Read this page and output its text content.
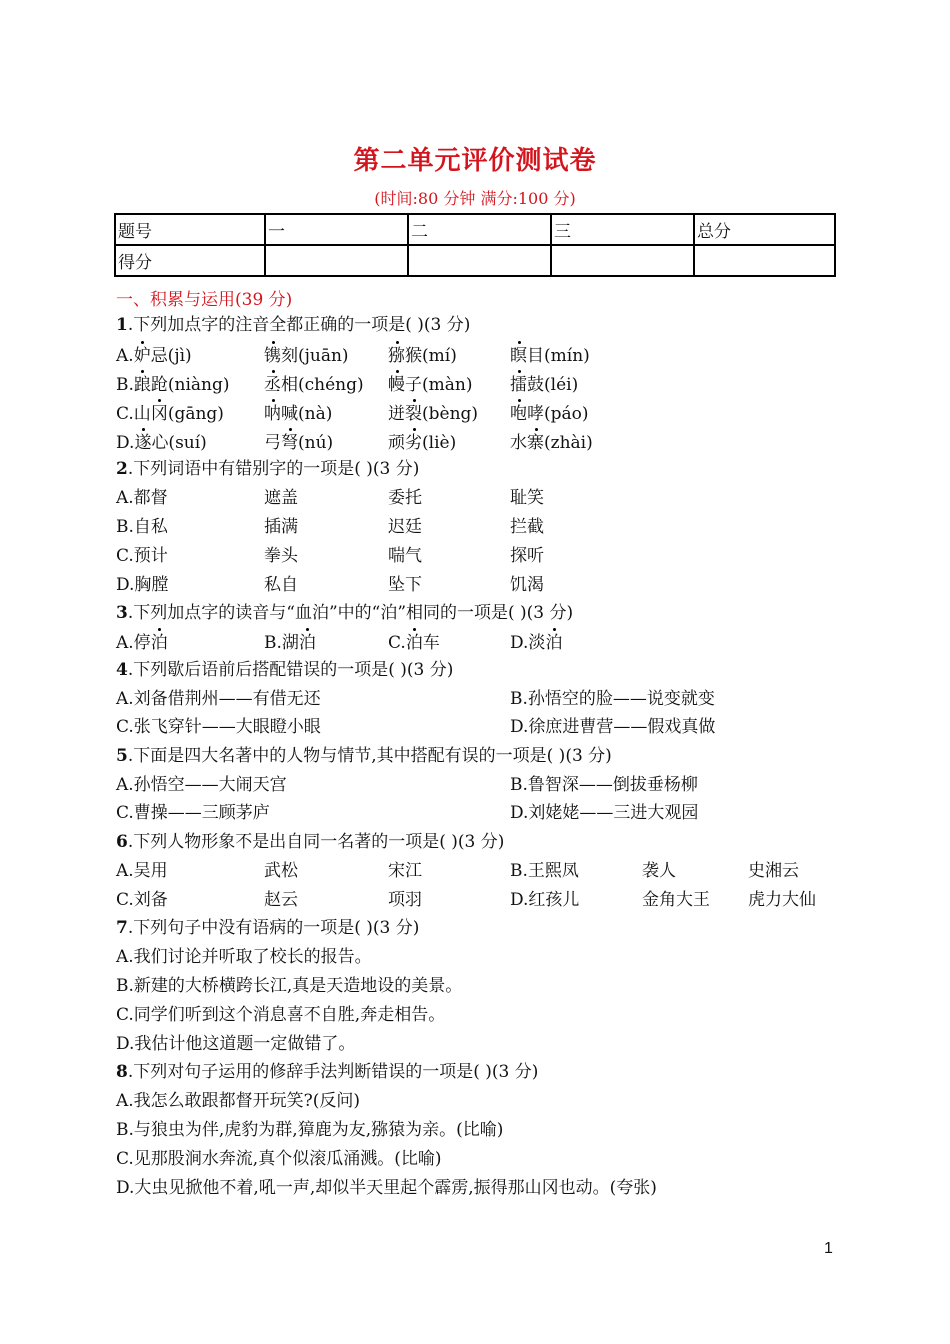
第二单元评价测试卷
(时间:80 分钟 满分:100 分)
题号	一	二	三	总分
得分				
一、积累与运用(39 分)
1.下列加点字的注音全都正确的一项是( )(3 分)
A.妒忌(jì)	镌刻(juān) 猕猴(mí)	瞑目(mín)
B.踉跄(niàng) 丞相(chéng) 幔子(màn) 擂鼓(léi)
C.山冈(gāng) 呐喊(nà)	迸裂(bèng) 咆哮(páo)
D.遂心(suí)	弓弩(nú)	顽劣(liè)	水寨(zhài)
2.下列词语中有错别字的一项是( )(3 分)
A.都督	遮盖	委托	耻笑
B.自私	插满	迟廷	拦截
C.预计	拳头	喘气	探听
D.胸膛	私自	坠下	饥渴
3.下列加点字的读音与“血泊”中的“泊”相同的一项是( )(3 分)
A.停泊	B.湖泊	C.泊车	D.淡泊
4.下列歇后语前后搭配错误的一项是( )(3 分)
A.刘备借荆州——有借无还	B.孙悟空的脸——说变就变
C.张飞穿针——大眼瞪小眼	D.徐庶进曹营——假戏真做
5.下面是四大名著中的人物与情节,其中搭配有误的一项是( )(3 分)
A.孙悟空——大闹天宫	B.鲁智深——倒拔垂杨柳
C.曹操——三顾茅庐	D.刘姥姥——三进大观园
6.下列人物形象不是出自同一名著的一项是( )(3 分)
A.吴用	武松	宋江	B.王熙凤	袭人	史湘云
C.刘备	赵云	项羽	D.红孩儿	金角大王 虎力大仙
7.下列句子中没有语病的一项是( )(3 分)
A.我们讨论并听取了校长的报告。
B.新建的大桥横跨长江,真是天造地设的美景。
C.同学们听到这个消息喜不自胜,奔走相告。
D.我估计他这道题一定做错了。
8.下列对句子运用的修辞手法判断错误的一项是( )(3 分)
A.我怎么敢跟都督开玩笑?(反问)
B.与狼虫为伴,虎豹为群,獐鹿为友,猕猿为亲。(比喻)
C.见那股涧水奔流,真个似滚瓜涌溅。(比喻)
D.大虫见掀他不着,吼一声,却似半天里起个霹雳,振得那山冈也动。(夸张)
1
